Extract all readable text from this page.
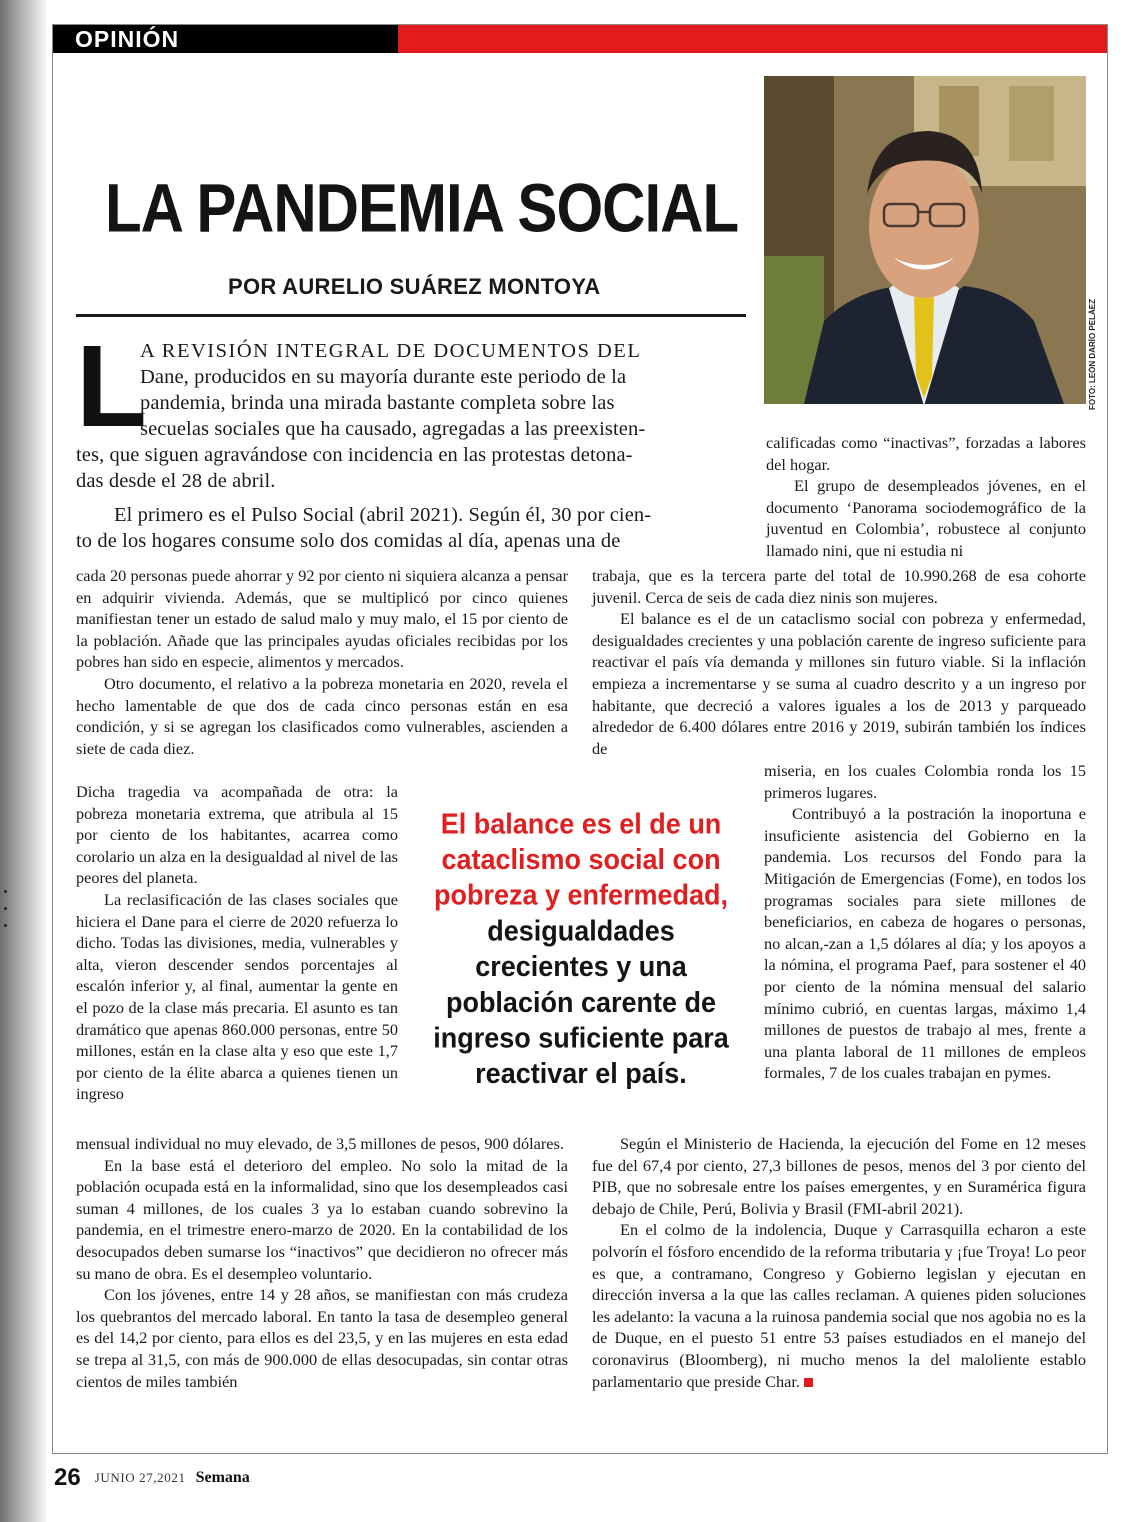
OPINIÓN
LA PANDEMIA SOCIAL
POR AURELIO SUÁREZ MONTOYA
FOTO: LEÓN DARÍO PELÁEZ
L

A REVISIÓN INTEGRAL DE DOCUMENTOS DEL

Dane, producidos en su mayoría durante este periodo de la

pandemia, brinda una mirada bastante completa sobre las

secuelas sociales que ha causado, agregadas a las preexisten-

tes, que siguen agravándose con incidencia en las protestas detona-

das desde el 28 de abril.

El primero es el Pulso Social (abril 2021). Según él, 30 por cien-

to de los hogares consume solo dos comidas al día, apenas una de

calificadas como “inactivas”, forzadas a labores del hogar.

El grupo de desempleados jóvenes, en el documento ‘Panorama sociodemográfico de la juventud en Colombia’, robustece al conjunto llamado nini, que ni estudia ni

cada 20 personas puede ahorrar y 92 por ciento ni siquiera alcanza a pensar en adquirir vivienda. Además, que se multiplicó por cinco quienes manifiestan tener un estado de salud malo y muy malo, el 15 por ciento de la población. Añade que las principales ayudas oficiales recibidas por los pobres han sido en especie, alimentos y mercados.

Otro documento, el relativo a la pobreza monetaria en 2020, revela el hecho lamentable de que dos de cada cinco personas están en esa condición, y si se agregan los clasificados como vulnerables, ascienden a siete de cada diez.

Dicha tragedia va acompañada de otra: la pobreza monetaria extrema, que atribula al 15 por ciento de los habitantes, acarrea como corolario un alza en la desigualdad al nivel de las peores del planeta.

La reclasificación de las clases sociales que hiciera el Dane para el cierre de 2020 refuerza lo dicho. Todas las divisiones, media, vulnerables y alta, vieron descender sendos porcentajes al escalón inferior y, al final, aumentar la gente en el pozo de la clase más precaria. El asunto es tan dramático que apenas 860.000 personas, entre 50 millones, están en la clase alta y eso que este 1,7 por ciento de la élite abarca a quienes tienen un ingreso

mensual individual no muy elevado, de 3,5 millones de pesos, 900 dólares.

En la base está el deterioro del empleo. No solo la mitad de la población ocupada está en la informalidad, sino que los desempleados casi suman 4 millones, de los cuales 3 ya lo estaban cuando sobrevino la pandemia, en el trimestre enero-marzo de 2020. En la contabilidad de los desocupados deben sumarse los “inactivos” que decidieron no ofrecer más su mano de obra. Es el desempleo voluntario.

Con los jóvenes, entre 14 y 28 años, se manifiestan con más crudeza los quebrantos del mercado laboral. En tanto la tasa de desempleo general es del 14,2 por ciento, para ellos es del 23,5, y en las mujeres en esta edad se trepa al 31,5, con más de 900.000 de ellas desocupadas, sin contar otras cientos de miles también

trabaja, que es la tercera parte del total de 10.990.268 de esa cohorte juvenil. Cerca de seis de cada diez ninis son mujeres.

El balance es el de un cataclismo social con pobreza y enfermedad, desigualdades crecientes y una población carente de ingreso suficiente para reactivar el país vía demanda y millones sin futuro viable. Si la inflación empieza a incrementarse y se suma al cuadro descrito y a un ingreso por habitante, que decreció a valores iguales a los de 2013 y parqueado alrededor de 6.400 dólares entre 2016 y 2019, subirán también los índices de

miseria, en los cuales Colombia ronda los 15 primeros lugares.

Contribuyó a la postración la inoportuna e insuficiente asistencia del Gobierno en la pandemia. Los recursos del Fondo para la Mitigación de Emergencias (Fome), en todos los programas sociales para siete millones de beneficiarios, en cabeza de hogares o personas, no alcan,-zan a 1,5 dólares al día; y los apoyos a la nómina, el programa Paef, para sostener el 40 por ciento de la nómina mensual del salario mínimo cubrió, en cuentas largas, máximo 1,4 millones de puestos de trabajo al mes, frente a una planta laboral de 11 millones de empleos formales, 7 de los cuales trabajan en pymes.

Según el Ministerio de Hacienda, la ejecución del Fome en 12 meses fue del 67,4 por ciento, 27,3 billones de pesos, menos del 3 por ciento del PIB, que no sobresale entre los países emergentes, y en Suramérica figura debajo de Chile, Perú, Bolivia y Brasil (FMI-abril 2021).

En el colmo de la indolencia, Duque y Carrasquilla echaron a este polvorín el fósforo encendido de la reforma tributaria y ¡fue Troya! Lo peor es que, a contramano, Congreso y Gobierno legislan y ejecutan en dirección inversa a la que las calles reclaman. A quienes piden soluciones les adelanto: la vacuna a la ruinosa pandemia social que nos agobia no es la de Duque, en el puesto 51 entre 53 países estudiados en el manejo del coronavirus (Bloomberg), ni mucho menos la del maloliente establo parlamentario que preside Char.

El balance es el de un
cataclismo social con
pobreza y enfermedad,
desigualdades
crecientes y una
población carente de
ingreso suficiente para
reactivar el país.
26 JUNIO 27,2021 Semana
